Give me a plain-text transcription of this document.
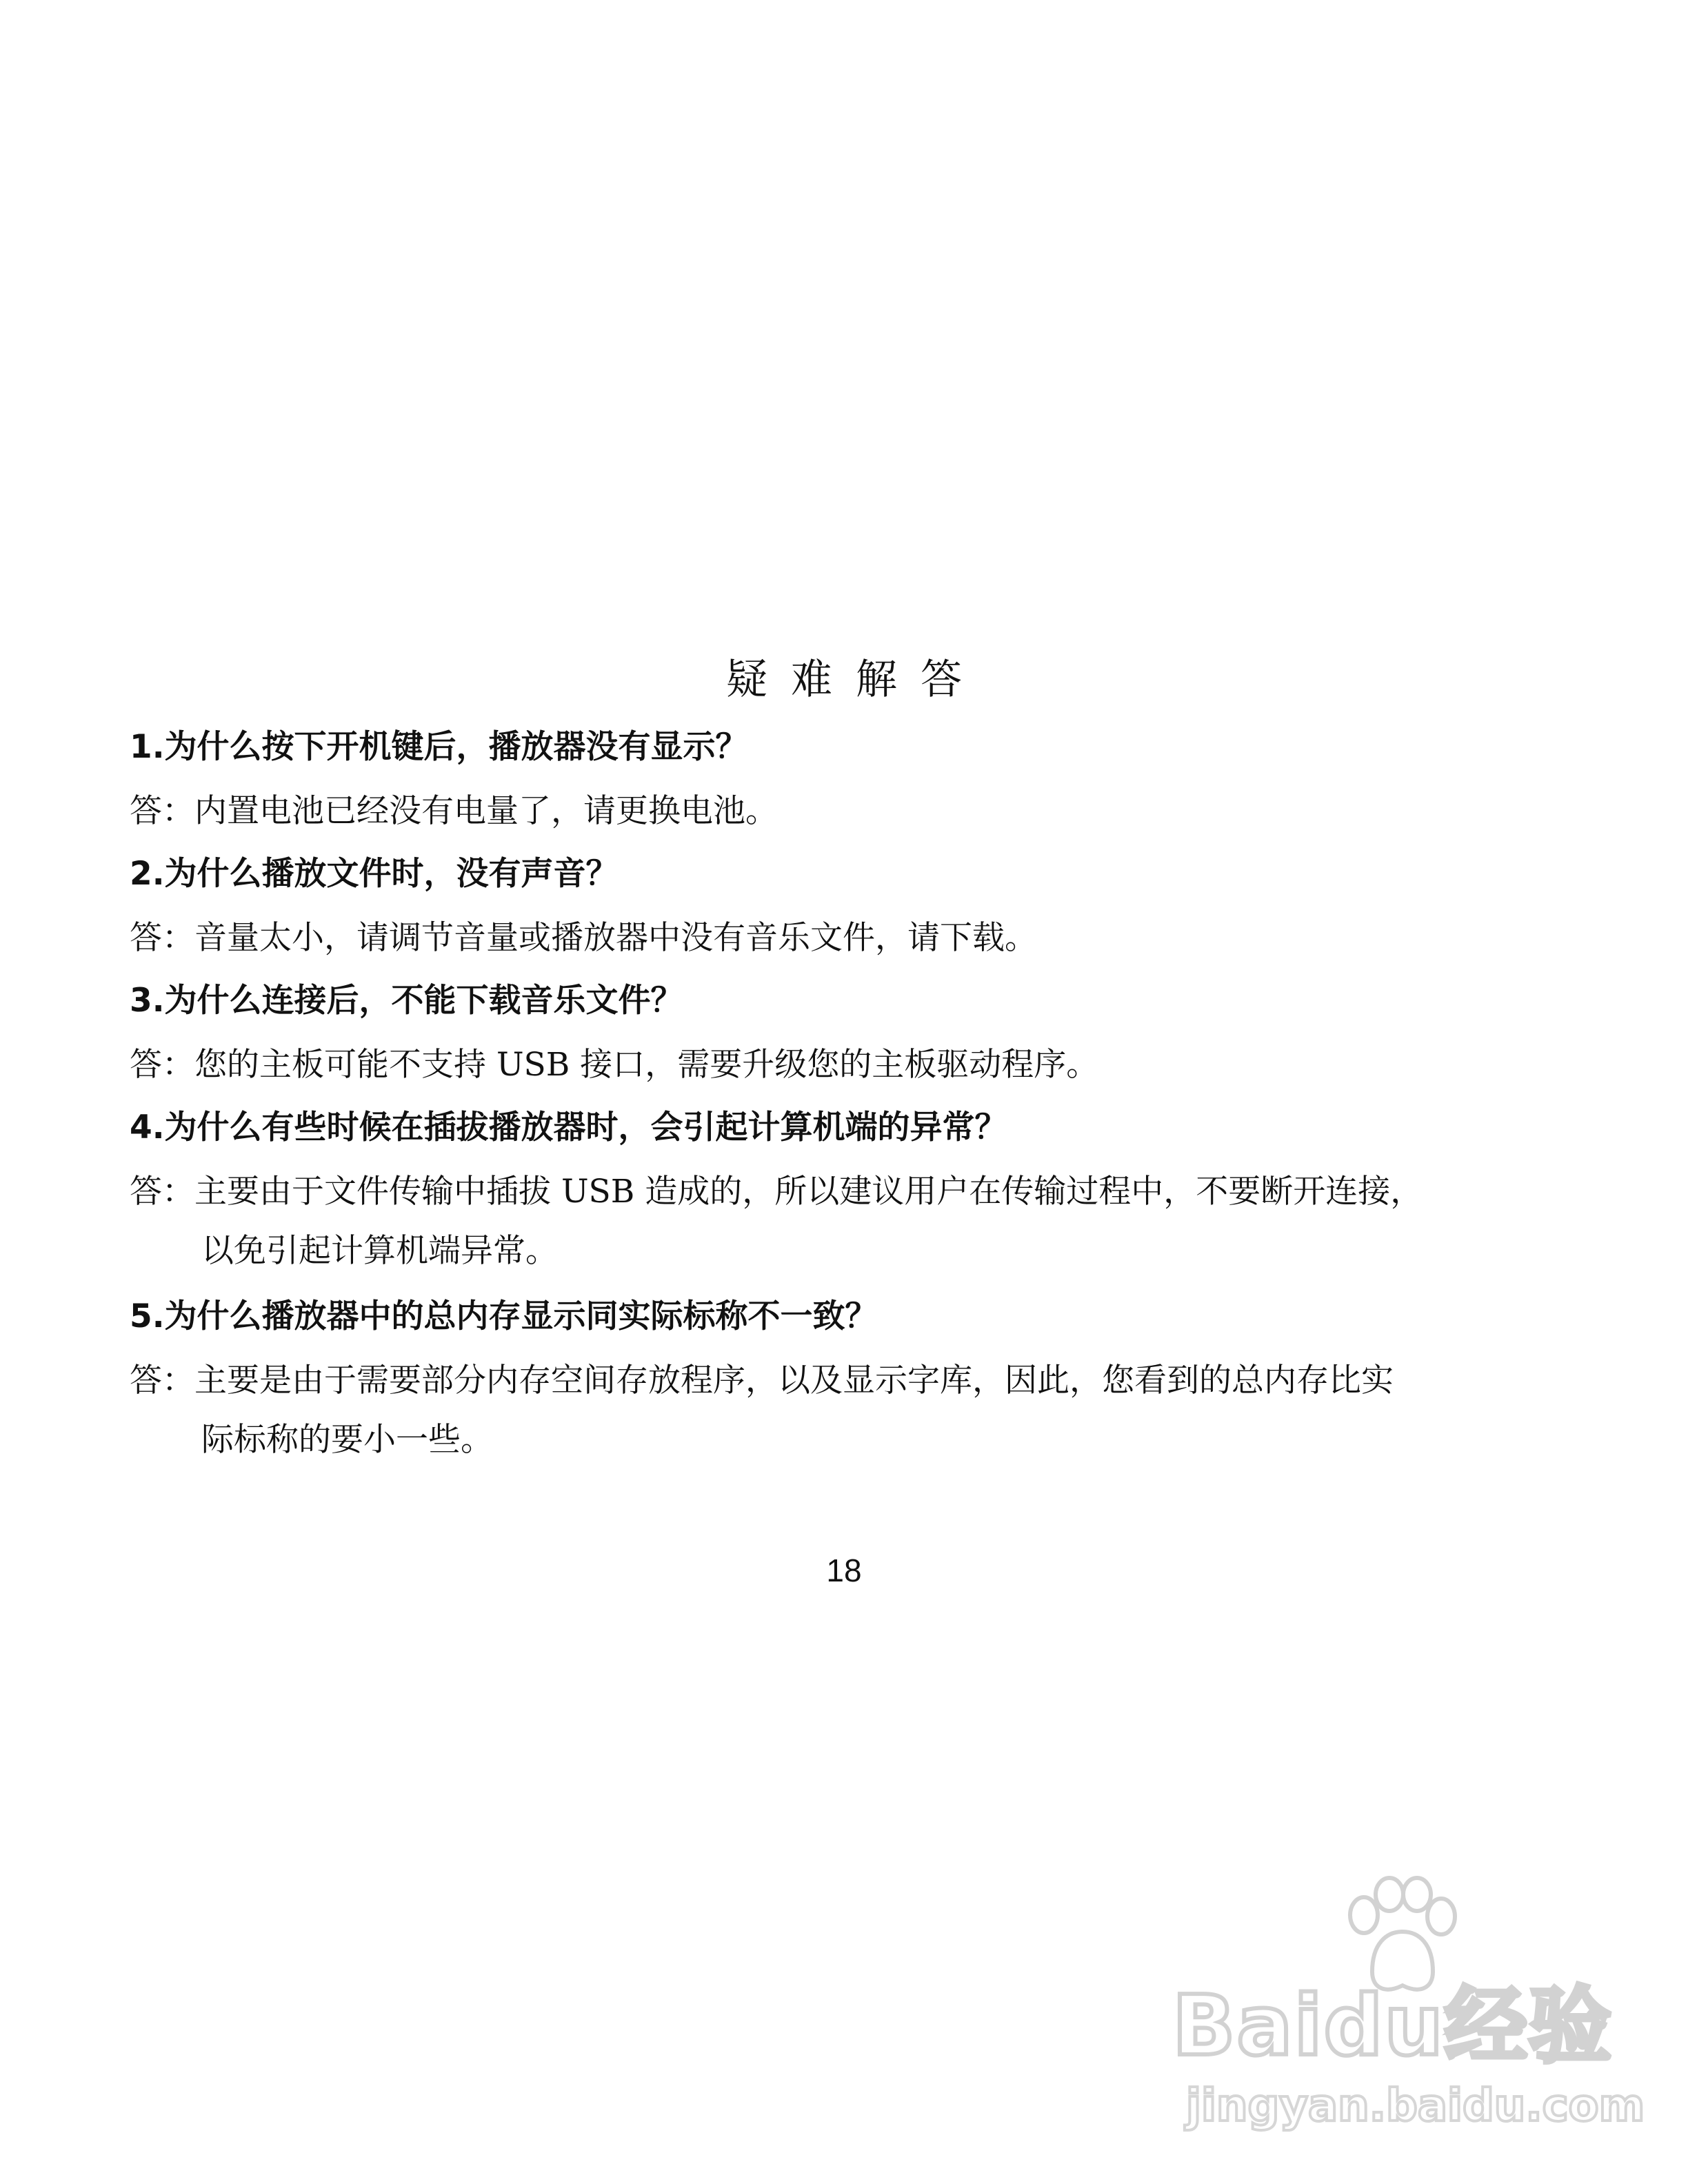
疑难解答
1.为什么按下开机键后，播放器没有显示？
答：内置电池已经没有电量了，请更换电池。
2.为什么播放文件时，没有声音？
答：音量太小，请调节音量或播放器中没有音乐文件，请下载。
3.为什么连接后，不能下载音乐文件？
答：您的主板可能不支持 USB 接口，需要升级您的主板驱动程序。
4.为什么有些时候在插拔播放器时，会引起计算机端的异常？
答：主要由于文件传输中插拔 USB 造成的，所以建议用户在传输过程中，不要断开连接，
以免引起计算机端异常。
5.为什么播放器中的总内存显示同实际标称不一致？
答：主要是由于需要部分内存空间存放程序，以及显示字库，因此，您看到的总内存比实
际标称的要小一些。
18
Baidu经验
jingyan.baidu.com
